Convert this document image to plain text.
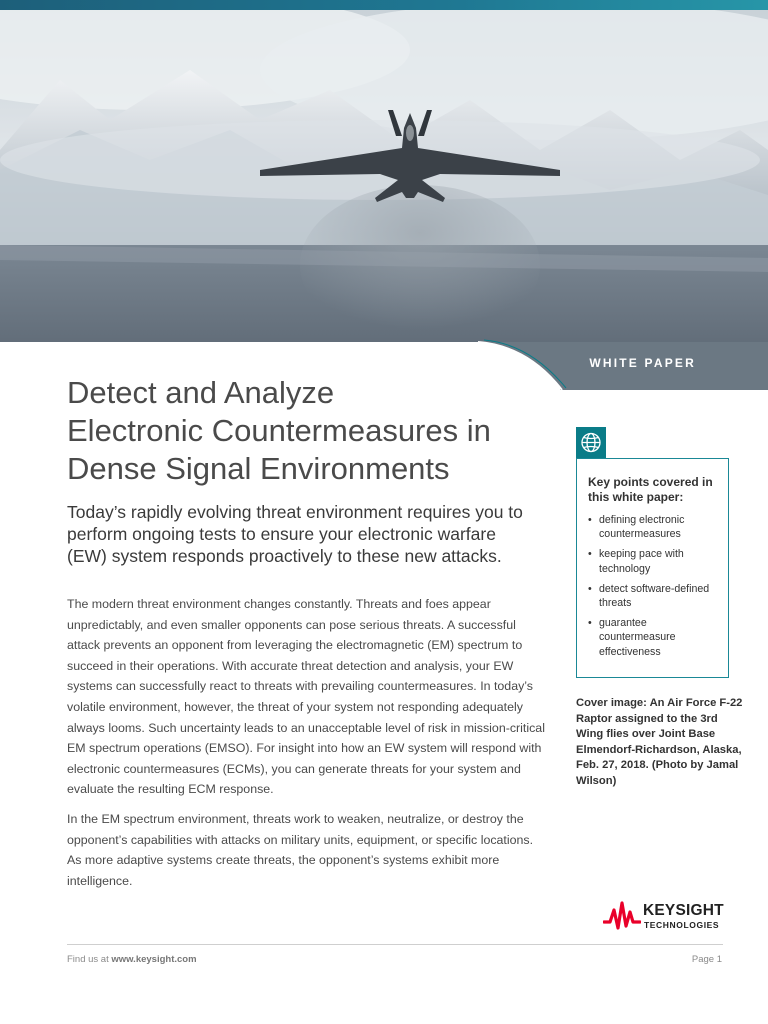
WHITE PAPER
Detect and Analyze
Electronic Countermeasures in
Dense Signal Environments

Today’s rapidly evolving threat environment requires you to perform ongoing tests to ensure your electronic warfare (EW) system responds proactively to these new attacks.

The modern threat environment changes constantly. Threats and foes appear unpredictably, and even smaller opponents can pose serious threats. A successful attack prevents an opponent from leveraging the electromagnetic (EM) spectrum to succeed in their operations. With accurate threat detection and analysis, your EW systems can successfully react to threats with prevailing countermeasures. In today’s volatile environment, however, the threat of your system not responding adequately always looms. Such uncertainty leads to an unacceptable level of risk in mission-critical EM spectrum operations (EMSO). For insight into how an EW system will respond with electronic countermeasures (ECMs), you can generate threats for your system and evaluate the resulting ECM response.

In the EM spectrum environment, threats work to weaken, neutralize, or destroy the opponent’s capabilities with attacks on military units, equipment, or specific locations. As more adaptive systems create threats, the opponent’s systems exhibit more intelligence.

Key points covered in this white paper:

• defining electronic countermeasures
• keeping pace with technology
• detect software-defined threats
• guarantee countermeasure effectiveness
Cover image: An Air Force F-22 Raptor assigned to the 3rd Wing flies over Joint Base Elmendorf-Richardson, Alaska, Feb. 27, 2018. (Photo by Jamal Wilson)
KEYSIGHT
TECHNOLOGIES
Find us at www.keysight.com	Page 1
